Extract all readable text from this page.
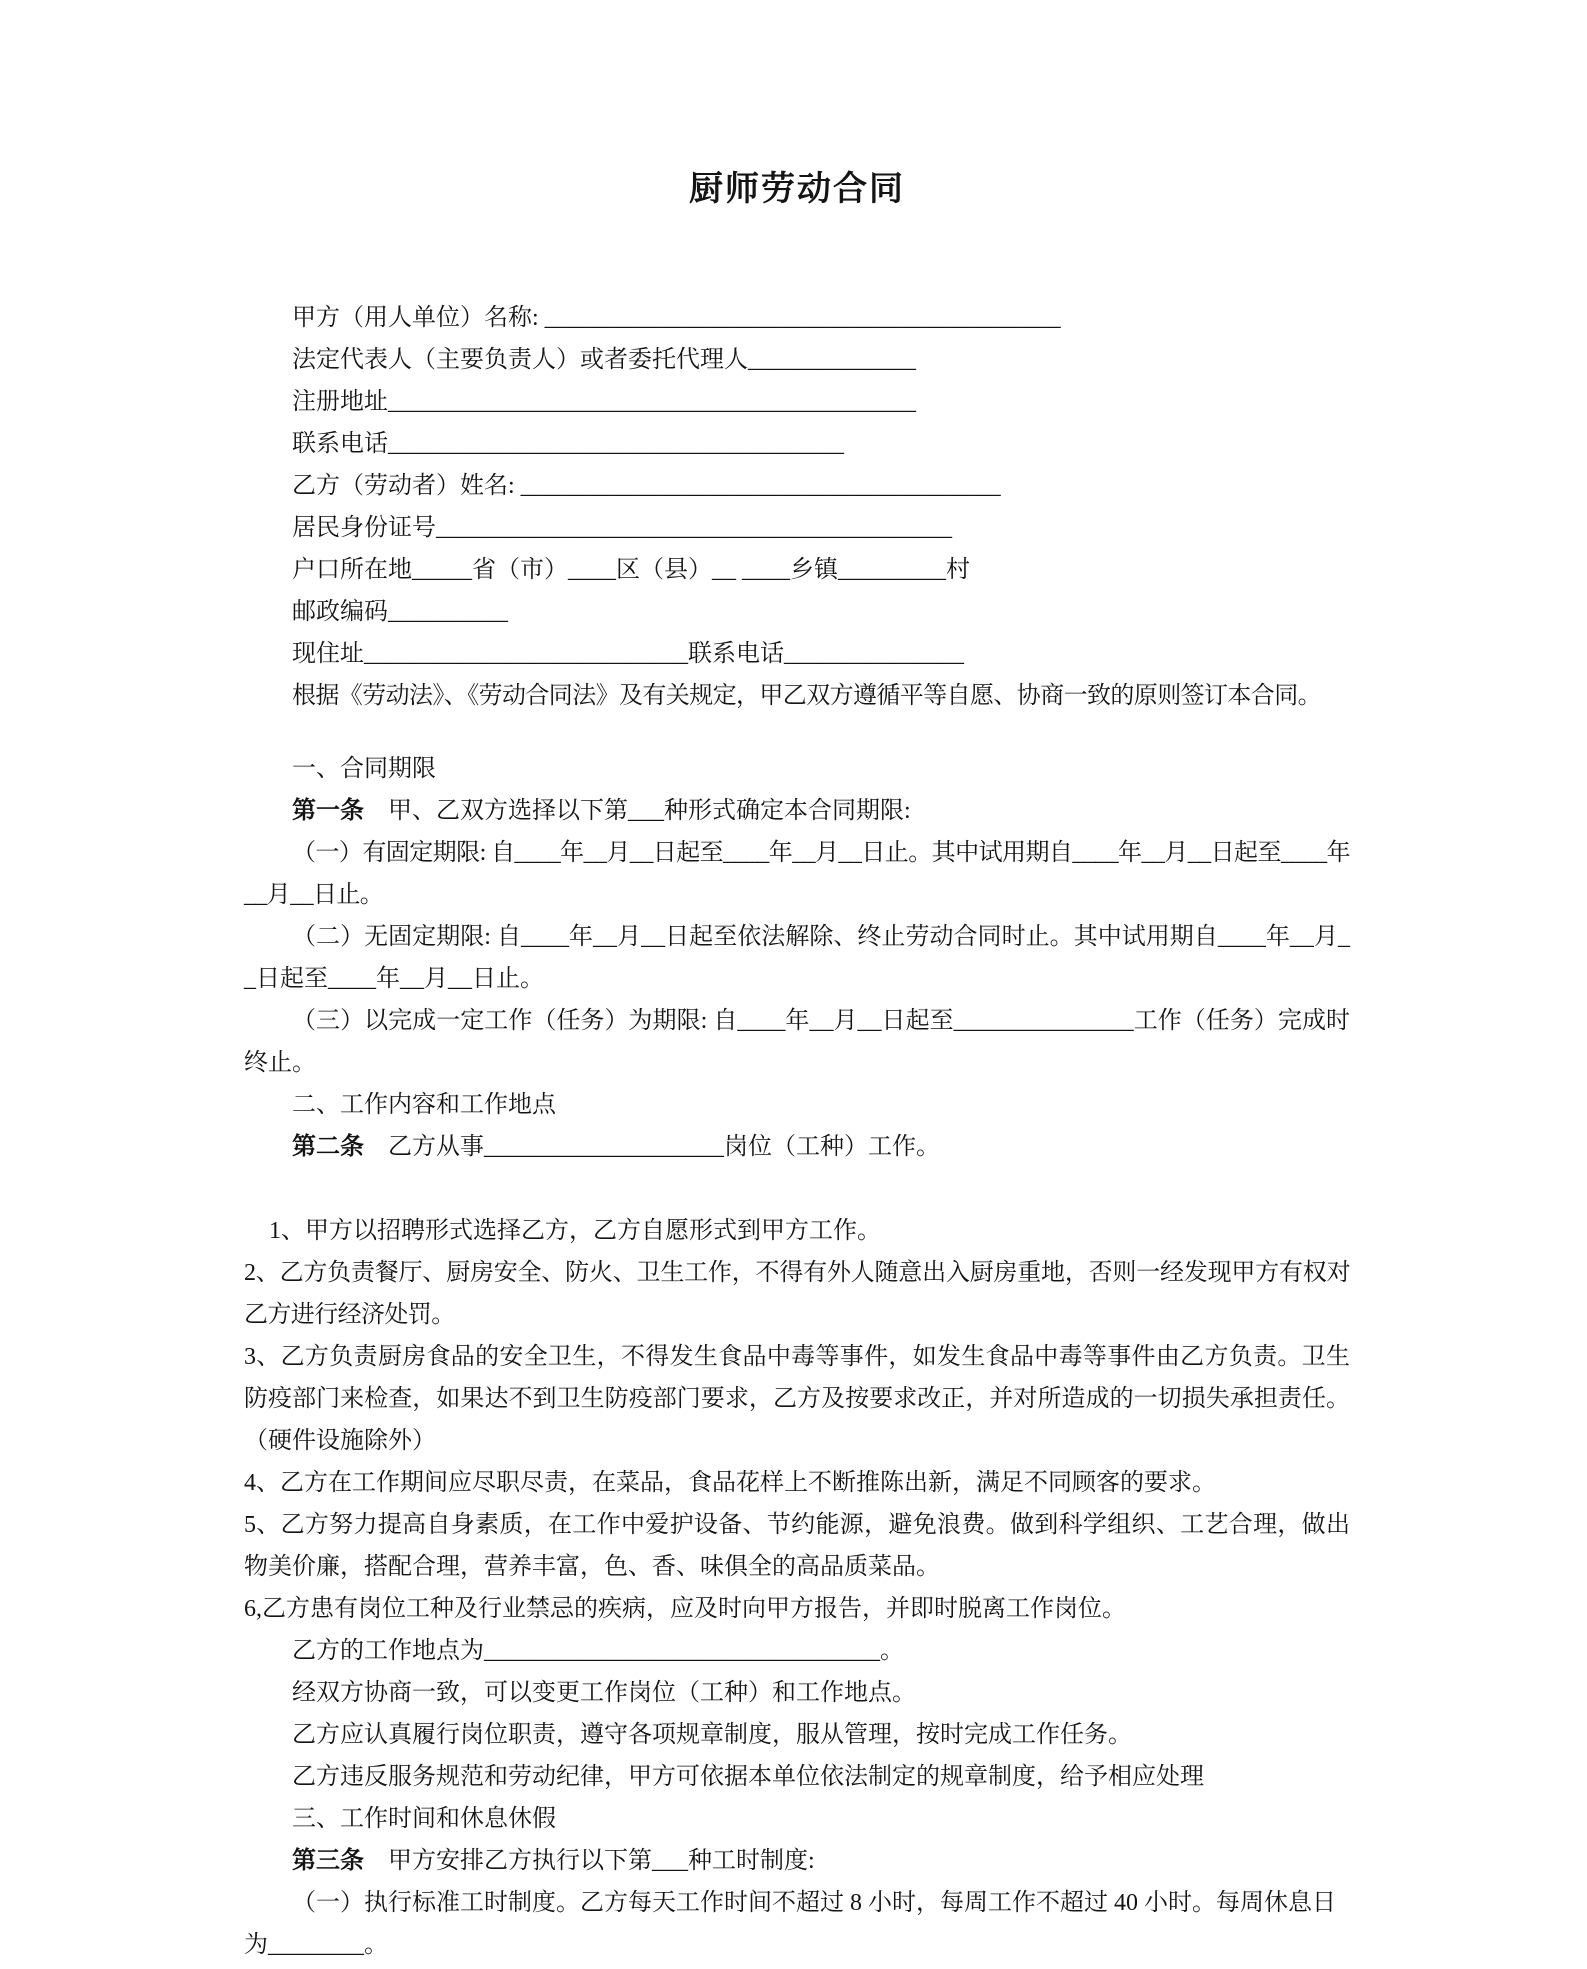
厨师劳动合同

甲方（用人单位）名称: ___________________________________________

法定代表人（主要负责人）或者委托代理人______________

注册地址____________________________________________

联系电话______________________________________

乙方（劳动者）姓名: ________________________________________

居民身份证号___________________________________________

户口所在地_____省（市）____区（县）__ ____乡镇_________村

邮政编码__________

现住址___________________________联系电话_______________

根据《劳动法》、《劳动合同法》及有关规定，甲乙双方遵循平等自愿、协商一致的原则签订本合同。

一、合同期限

第一条　甲、乙双方选择以下第___种形式确定本合同期限:

（一）有固定期限: 自____年__月__日起至____年__月__日止。其中试用期自____年__月__日起至____年__月__日止。

（二）无固定期限: 自____年__月__日起至依法解除、终止劳动合同时止。其中试用期自____年__月__日起至____年__月__日止。

（三）以完成一定工作（任务）为期限: 自____年__月__日起至_______________工作（任务）完成时终止。

二、工作内容和工作地点

第二条　乙方从事____________________岗位（工种）工作。

1、甲方以招聘形式选择乙方，乙方自愿形式到甲方工作。

2、乙方负责餐厅、厨房安全、防火、卫生工作，不得有外人随意出入厨房重地，否则一经发现甲方有权对乙方进行经济处罚。

3、乙方负责厨房食品的安全卫生，不得发生食品中毒等事件，如发生食品中毒等事件由乙方负责。卫生防疫部门来检查，如果达不到卫生防疫部门要求，乙方及按要求改正，并对所造成的一切损失承担责任。（硬件设施除外）

4、乙方在工作期间应尽职尽责，在菜品，食品花样上不断推陈出新，满足不同顾客的要求。

5、乙方努力提高自身素质，在工作中爱护设备、节约能源，避免浪费。做到科学组织、工艺合理，做出物美价廉，搭配合理，营养丰富，色、香、味俱全的高品质菜品。

6,乙方患有岗位工种及行业禁忌的疾病，应及时向甲方报告，并即时脱离工作岗位。

乙方的工作地点为_________________________________。

经双方协商一致，可以变更工作岗位（工种）和工作地点。

乙方应认真履行岗位职责，遵守各项规章制度，服从管理，按时完成工作任务。

乙方违反服务规范和劳动纪律，甲方可依据本单位依法制定的规章制度，给予相应处理

三、工作时间和休息休假

第三条　甲方安排乙方执行以下第___种工时制度:

（一）执行标准工时制度。乙方每天工作时间不超过 8 小时，每周工作不超过 40 小时。每周休息日为________。
